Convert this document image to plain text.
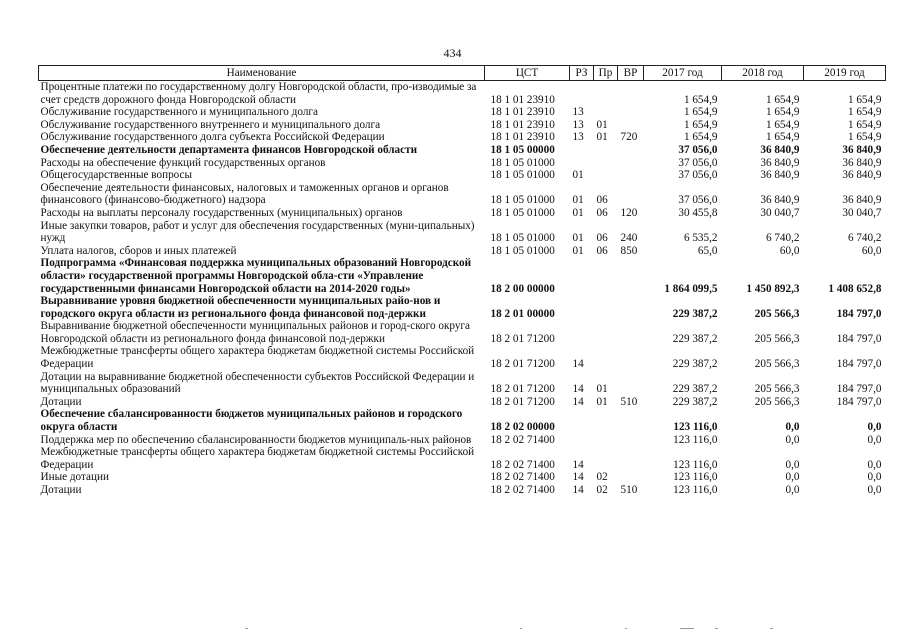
434
Наименование	ЦСТ	РЗ	Пр	ВР	2017 год	2018 год	2019 год
Процентные платежи по государственному долгу Новгородской области, про-изводимые за счет средств дорожного фонда Новгородской области	18 1 01 23910				1 654,9	1 654,9	1 654,9
Обслуживание государственного и муниципального долга	18 1 01 23910	13			1 654,9	1 654,9	1 654,9
Обслуживание государственного внутреннего и муниципального долга	18 1 01 23910	13	01		1 654,9	1 654,9	1 654,9
Обслуживание государственного долга субъекта Российской Федерации	18 1 01 23910	13	01	720	1 654,9	1 654,9	1 654,9
Обеспечение деятельности департамента финансов Новгородской области	18 1 05 00000				37 056,0	36 840,9	36 840,9
Расходы на обеспечение функций государственных органов	18 1 05 01000				37 056,0	36 840,9	36 840,9
Общегосударственные вопросы	18 1 05 01000	01			37 056,0	36 840,9	36 840,9
Обеспечение деятельности финансовых, налоговых и таможенных органов и органов финансового (финансово-бюджетного) надзора	18 1 05 01000	01	06		37 056,0	36 840,9	36 840,9
Расходы на выплаты персоналу государственных (муниципальных) органов	18 1 05 01000	01	06	120	30 455,8	30 040,7	30 040,7
Иные закупки товаров, работ и услуг для обеспечения государственных (муни-ципальных) нужд	18 1 05 01000	01	06	240	6 535,2	6 740,2	6 740,2
Уплата налогов, сборов и иных платежей	18 1 05 01000	01	06	850	65,0	60,0	60,0
Подпрограмма «Финансовая поддержка муниципальных образований Новгородской области» государственной программы Новгородской обла-сти «Управление государственными финансами Новгородской области на 2014-2020 годы»	18 2 00 00000				1 864 099,5	1 450 892,3	1 408 652,8
Выравнивание уровня бюджетной обеспеченности муниципальных райо-нов и городского округа области из регионального фонда финансовой под-держки	18 2 01 00000				229 387,2	205 566,3	184 797,0
Выравнивание бюджетной обеспеченности муниципальных районов и город-ского округа Новгородской области из регионального фонда финансовой под-держки	18 2 01 71200				229 387,2	205 566,3	184 797,0
Межбюджетные трансферты общего характера бюджетам бюджетной системы Российской Федерации	18 2 01 71200	14			229 387,2	205 566,3	184 797,0
Дотации на выравнивание бюджетной обеспеченности субъектов Российской Федерации и муниципальных образований	18 2 01 71200	14	01		229 387,2	205 566,3	184 797,0
Дотации	18 2 01 71200	14	01	510	229 387,2	205 566,3	184 797,0
Обеспечение сбалансированности бюджетов муниципальных районов и городского округа области	18 2 02 00000				123 116,0	0,0	0,0
Поддержка мер по обеспечению сбалансированности бюджетов муниципаль-ных районов	18 2 02 71400				123 116,0	0,0	0,0
Межбюджетные трансферты общего характера бюджетам бюджетной системы Российской Федерации	18 2 02 71400	14			123 116,0	0,0	0,0
Иные дотации	18 2 02 71400	14	02		123 116,0	0,0	0,0
Дотации	18 2 02 71400	14	02	510	123 116,0	0,0	0,0
